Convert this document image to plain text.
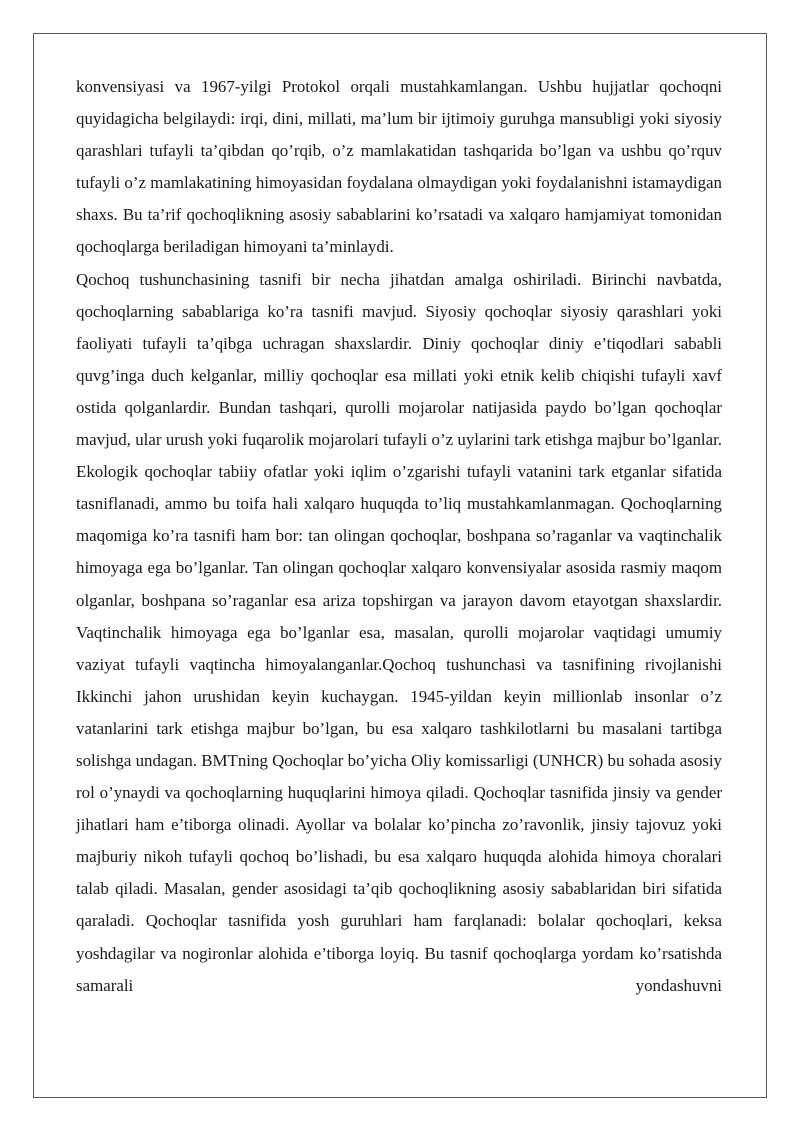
konvensiyasi va 1967-yilgi Protokol orqali mustahkamlangan. Ushbu hujjatlar qochoqni quyidagicha belgilaydi: irqi, dini, millati, ma’lum bir ijtimoiy guruhga mansubligi yoki siyosiy qarashlari tufayli ta’qibdan qo’rqib, o’z mamlakatidan tashqarida bo’lgan va ushbu qo’rquv tufayli o’z mamlakatining himoyasidan foydalana olmaydigan yoki foydalanishni istamaydigan shaxs. Bu ta’rif qochoqlikning asosiy sabablarini ko’rsatadi va xalqaro hamjamiyat tomonidan qochoqlarga beriladigan himoyani ta’minlaydi.

Qochoq tushunchasining tasnifi bir necha jihatdan amalga oshiriladi. Birinchi navbatda, qochoqlarning sabablariga ko’ra tasnifi mavjud. Siyosiy qochoqlar siyosiy qarashlari yoki faoliyati tufayli ta’qibga uchragan shaxslardir. Diniy qochoqlar diniy e’tiqodlari sababli quvg’inga duch kelganlar, milliy qochoqlar esa millati yoki etnik kelib chiqishi tufayli xavf ostida qolganlardir. Bundan tashqari, qurolli mojarolar natijasida paydo bo’lgan qochoqlar mavjud, ular urush yoki fuqarolik mojarolari tufayli o’z uylarini tark etishga majbur bo’lganlar. Ekologik qochoqlar tabiiy ofatlar yoki iqlim o’zgarishi tufayli vatanini tark etganlar sifatida tasniflanadi, ammo bu toifa hali xalqaro huquqda to’liq mustahkamlanmagan. Qochoqlarning maqomiga ko’ra tasnifi ham bor: tan olingan qochoqlar, boshpana so’raganlar va vaqtinchalik himoyaga ega bo’lganlar. Tan olingan qochoqlar xalqaro konvensiyalar asosida rasmiy maqom olganlar, boshpana so’raganlar esa ariza topshirgan va jarayon davom etayotgan shaxslardir. Vaqtinchalik himoyaga ega bo’lganlar esa, masalan, qurolli mojarolar vaqtidagi umumiy vaziyat tufayli vaqtincha himoyalanganlar.Qochoq tushunchasi va tasnifining rivojlanishi Ikkinchi jahon urushidan keyin kuchaygan. 1945-yildan keyin millionlab insonlar o’z vatanlarini tark etishga majbur bo’lgan, bu esa xalqaro tashkilotlarni bu masalani tartibga solishga undagan. BMTning Qochoqlar bo’yicha Oliy komissarligi (UNHCR) bu sohada asosiy rol o’ynaydi va qochoqlarning huquqlarini himoya qiladi. Qochoqlar tasnifida jinsiy va gender jihatlari ham e’tiborga olinadi. Ayollar va bolalar ko’pincha zo’ravonlik, jinsiy tajovuz yoki majburiy nikoh tufayli qochoq bo’lishadi, bu esa xalqaro huquqda alohida himoya choralari talab qiladi. Masalan, gender asosidagi ta’qib qochoqlikning asosiy sabablaridan biri sifatida qaraladi. Qochoqlar tasnifida yosh guruhlari ham farqlanadi: bolalar qochoqlari, keksa yoshdagilar va nogironlar alohida e’tiborga loyiq. Bu tasnif qochoqlarga yordam ko’rsatishda samarali yondashuvni
